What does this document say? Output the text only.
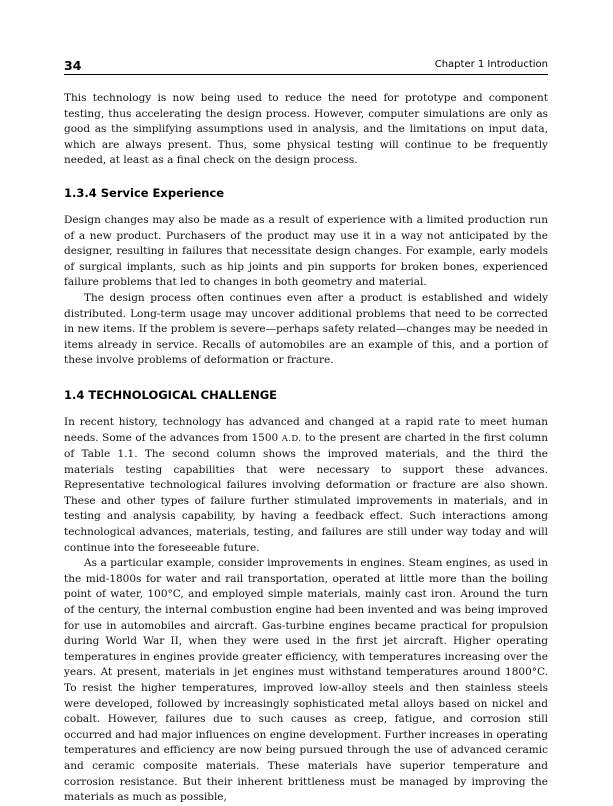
34	Chapter 1 Introduction

This technology is now being used to reduce the need for prototype and component testing, thus accelerating the design process. However, computer simulations are only as good as the simplifying assumptions used in analysis, and the limitations on input data, which are always present. Thus, some physical testing will continue to be frequently needed, at least as a final check on the design process.

1.3.4 Service Experience

Design changes may also be made as a result of experience with a limited production run of a new product. Purchasers of the product may use it in a way not anticipated by the designer, resulting in failures that necessitate design changes. For example, early models of surgical implants, such as hip joints and pin supports for broken bones, experienced failure problems that led to changes in both geometry and material.

The design process often continues even after a product is established and widely distributed. Long-term usage may uncover additional problems that need to be corrected in new items. If the problem is severe—perhaps safety related—changes may be needed in items already in service. Recalls of automobiles are an example of this, and a portion of these involve problems of deformation or fracture.

1.4 TECHNOLOGICAL CHALLENGE

In recent history, technology has advanced and changed at a rapid rate to meet human needs. Some of the advances from 1500 A.D. to the present are charted in the first column of Table 1.1. The second column shows the improved materials, and the third the materials testing capabilities that were necessary to support these advances. Representative technological failures involving deformation or fracture are also shown. These and other types of failure further stimulated improvements in materials, and in testing and analysis capability, by having a feedback effect. Such interactions among technological advances, materials, testing, and failures are still under way today and will continue into the foreseeable future.

As a particular example, consider improvements in engines. Steam engines, as used in the mid-1800s for water and rail transportation, operated at little more than the boiling point of water, 100°C, and employed simple materials, mainly cast iron. Around the turn of the century, the internal combustion engine had been invented and was being improved for use in automobiles and aircraft. Gas-turbine engines became practical for propulsion during World War II, when they were used in the first jet aircraft. Higher operating temperatures in engines provide greater efficiency, with temperatures increasing over the years. At present, materials in jet engines must withstand temperatures around 1800°C. To resist the higher temperatures, improved low-alloy steels and then stainless steels were developed, followed by increasingly sophisticated metal alloys based on nickel and cobalt. However, failures due to such causes as creep, fatigue, and corrosion still occurred and had major influences on engine development. Further increases in operating temperatures and efficiency are now being pursued through the use of advanced ceramic and ceramic composite materials. These materials have superior temperature and corrosion resistance. But their inherent brittleness must be managed by improving the materials as much as possible,
